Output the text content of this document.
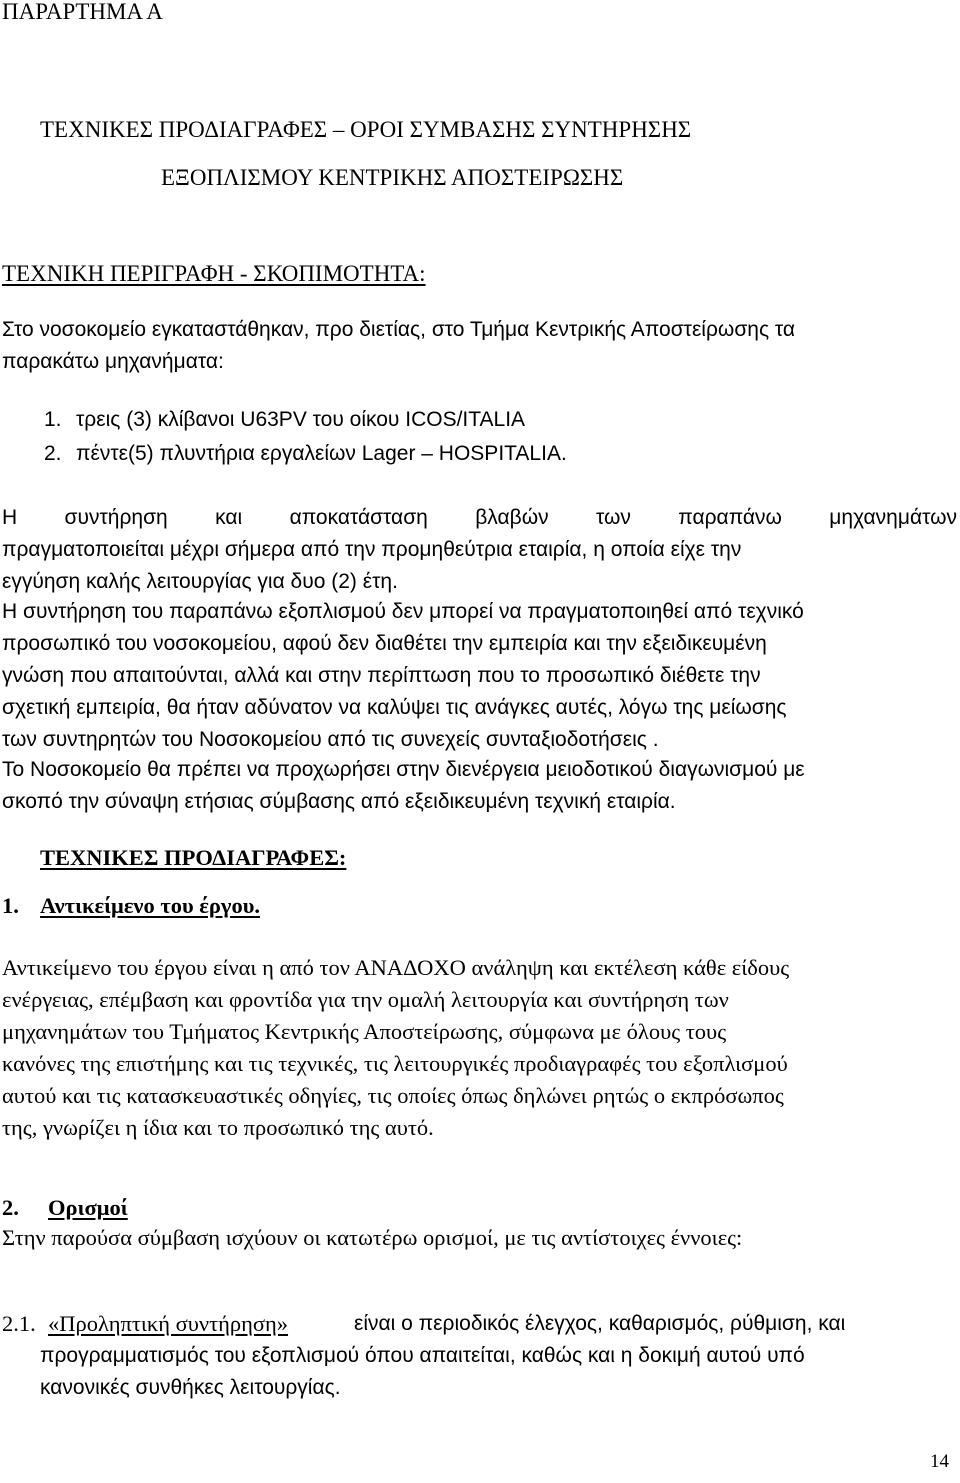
ΠΑΡΑΡΤΗΜΑ Α
ΤΕΧΝΙΚΕΣ ΠΡΟΔΙΑΓΡΑΦΕΣ – ΟΡΟΙ ΣΥΜΒΑΣΗΣ ΣΥΝΤΗΡΗΣΗΣ
ΕΞΟΠΛΙΣΜΟΥ ΚΕΝΤΡΙΚΗΣ ΑΠΟΣΤΕΙΡΩΣΗΣ
ΤΕΧΝΙΚΗ ΠΕΡΙΓΡΑΦΗ - ΣΚΟΠΙΜΟΤΗΤΑ:
Στο νοσοκομείο εγκαταστάθηκαν, προ διετίας, στο Τμήμα Κεντρικής Αποστείρωσης τα
παρακάτω μηχανήματα:
1. τρεις (3) κλίβανοι U63PV του οίκου ICOS/ITALIA
2. πέντε(5) πλυντήρια εργαλείων Lager – HOSPITALIA.
Η συντήρηση και αποκατάσταση βλαβών των παραπάνω μηχανημάτων
πραγματοποιείται μέχρι σήμερα από την προμηθεύτρια εταιρία, η οποία είχε την
εγγύηση καλής λειτουργίας για δυο (2) έτη.
Η συντήρηση του παραπάνω εξοπλισμού δεν μπορεί να πραγματοποιηθεί από τεχνικό
προσωπικό του νοσοκομείου, αφού δεν διαθέτει την εμπειρία και την εξειδικευμένη
γνώση που απαιτούνται, αλλά και στην περίπτωση που το προσωπικό διέθετε την
σχετική εμπειρία, θα ήταν αδύνατον να καλύψει τις ανάγκες αυτές, λόγω της μείωσης
των συντηρητών του Νοσοκομείου από τις συνεχείς συνταξιοδοτήσεις .
Το Νοσοκομείο θα πρέπει να προχωρήσει στην διενέργεια μειοδοτικού διαγωνισμού με
σκοπό την σύναψη ετήσιας σύμβασης από εξειδικευμένη τεχνική εταιρία.
ΤΕΧΝΙΚΕΣ ΠΡΟΔΙΑΓΡΑΦΕΣ:
1. Αντικείμενο του έργου.
Αντικείμενο του έργου είναι η από τον ΑΝΑΔΟΧΟ ανάληψη και εκτέλεση κάθε είδους
ενέργειας, επέμβαση και φροντίδα για την ομαλή λειτουργία και συντήρηση των
μηχανημάτων του Τμήματος Κεντρικής Αποστείρωσης, σύμφωνα με όλους τους
κανόνες της επιστήμης και τις τεχνικές, τις λειτουργικές προδιαγραφές του εξοπλισμού
αυτού και τις κατασκευαστικές οδηγίες, τις οποίες όπως δηλώνει ρητώς ο εκπρόσωπος
της, γνωρίζει η ίδια και το προσωπικό της αυτό.
2. Ορισμοί
Στην παρούσα σύμβαση ισχύουν οι κατωτέρω ορισμοί, με τις αντίστοιχες έννοιες:
2.1. «Προληπτική συντήρηση»	είναι ο περιοδικός έλεγχος, καθαρισμός, ρύθμιση, και
προγραμματισμός του εξοπλισμού όπου απαιτείται, καθώς και η δοκιμή αυτού υπό
κανονικές συνθήκες λειτουργίας.
14
